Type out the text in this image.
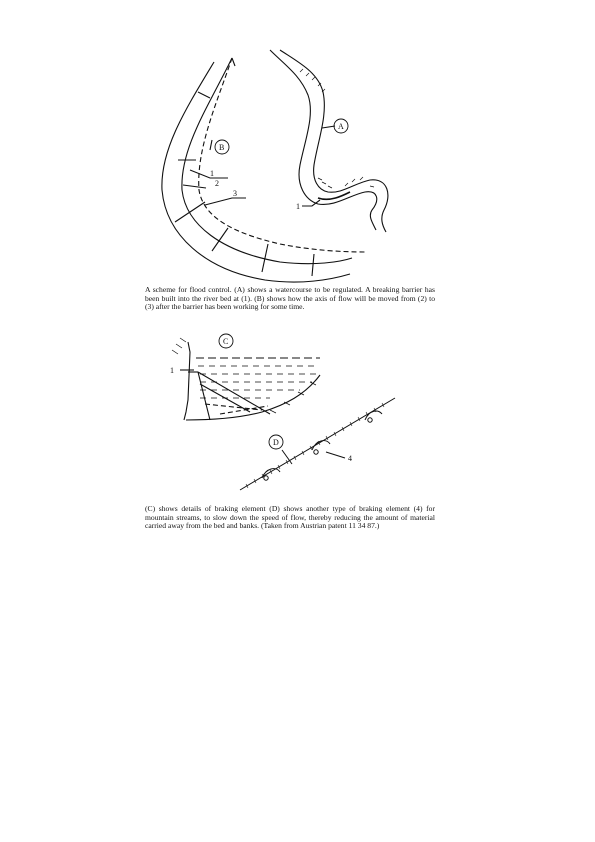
B
A
1
2
3
1
C
1
D
4
A scheme for flood control. (A) shows a watercourse to be regulated. A breaking barrier has been built into the river bed at (1). (B) shows how the axis of flow will be moved from (2) to (3) after the barrier has been working for some time.
(C) shows details of braking element (D) shows another type of braking element (4) for mountain streams, to slow down the speed of flow, thereby reducing the amount of material carried away from the bed and banks. (Taken from Austrian patent 11 34 87.)
